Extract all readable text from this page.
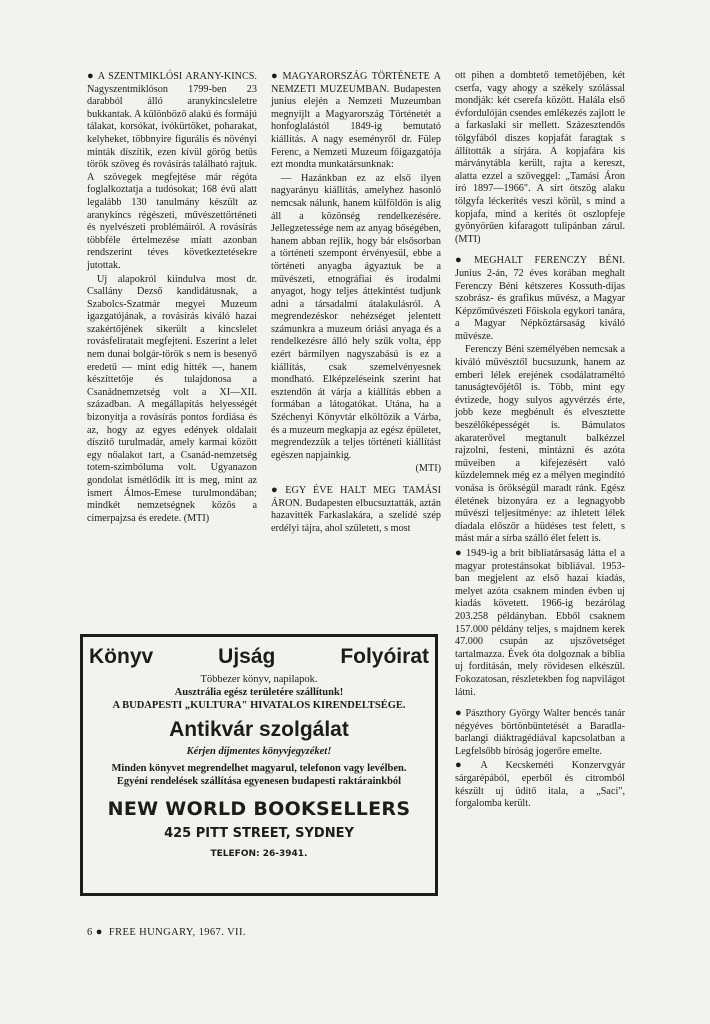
● A SZENTMIKLÓSI ARANY-KINCS. Nagyszentmiklóson 1799-ben 23 darabból álló aranykincsleletre bukkantak. A különböző alakú és formájú tálakat, korsókat, ivókürtöket, poharakat, kelyheket, többnyire figurális és növényi minták díszítik, ezen kívül görög betűs török szöveg és rovásírás található rajtuk. A szövegek megfejtése már régóta foglalkoztatja a tudósokat; 168 évű alatt legalább 130 tanulmány készült az aranykincs régészeti, művészettörténeti és nyelvészeti problémáiról. A rovásírás többféle értelmezése miatt azonban rendszerint téves következtetésekre jutottak.

Uj alapokról kiindulva most dr. Csallány Dezső kandidátusnak, a Szabolcs-Szatmár megyei Muzeum igazgatójának, a rovásírás kiváló hazai szakértőjének sikerült a kincslelet rovásfeliratait megfejteni. Eszerint a lelet nem dunai bolgár-török s nem is besenyő eredetű — mint edig hitték —, hanem készíttetője és tulajdonosa a Csanádnemzetség volt a XI—XII. században. A megállapítás helyességét bizonyítja a rovásírás pontos fordiása és az, hogy az egyes edények oldalait díszítő turulmadár, amely karmai között egy nőalakot tart, a Csanád-nemzetség totem-szimbóluma volt. Ugyanazon gondolat ismétlődik itt is meg, mint az ismert Álmos-Emese turulmondában; mindkét nemzetségnek közös a cimerpajzsa és eredete. (MTI)

● MAGYARORSZÁG TÖRTÉNETE A NEMZETI MUZEUMBAN. Budapesten junius elején a Nemzeti Muzeumban megnyijlt a Magyarország Történetét a honfoglalástól 1849-ig bemutató kiállítás. A nagy eseményről dr. Fülep Ferenc, a Nemzeti Muzeum főigazgatója ezt mondta munkatársunknak:

— Hazánkban ez az első ilyen nagyarányu kiállítás, amelyhez hasonló nemcsak nálunk, hanem külföldön is alig áll a közönség rendelkezésére. Jellegzetessége nem az anyag bőségében, hanem abban rejlik, hogy bár elsősorban a történeti szempont érvényesül, ebbe a történeti anyagba ágyaztuk be a művészeti, etnográfiai és irodalmi anyagot, hogy teljes áttekintést tudjunk adni a társadalmi átalakulásról. A megrendezéskor nehézséget jelentett számunkra a muzeum óriási anyaga és a rendelkezésre álló hely szűk volta, épp ezért bármilyen nagyszabású is ez a kiállítás, csak szemelvényesnek mondható. Elképzeléseink szerint hat esztendőn át várja a kiállítás ebben a formában a látogatókat. Utána, ha a Széchenyi Könyvtár elköltözik a Várba, és a muzeum megkapja az egész épületet, megrendezzük a teljes történeti kiállítást egészen napjainkig.

(MTI)

● EGY ÉVE HALT MEG TAMÁSI ÁRON. Budapesten elbucsuztatták, aztán hazavitték Farkaslakára, a szelídé szép erdélyi tájra, ahol született, s most

ott pihen a dombtető temetőjében, két cserfa, vagy ahogy a székely szólással mondják: két cserefa között. Halála első évfordulóján csendes emlékezés zajlott le a farkaslaki sir mellett. Százesztendős tölgyfából diszes kopjafát faragtak s állították a sírjára. A kopjafára kis márványtábla került, rajta a kereszt, alatta ezzel a szöveggel: „Tamási Áron író 1897—1966". A sírt ötszög alaku tölgyfa léckerítés veszi körül, s mind a kopjafa, mind a kerítés öt oszlopfeje gyönyörűen kifaragott tulipánban zárul. (MTI)

● MEGHALT FERENCZY BÉNI. Junius 2-án, 72 éves korában meghalt Ferenczy Béni kétszeres Kossuth-díjas szobrász- és grafikus művész, a Magyar Képzőművészeti Főiskola egykori tanára, a Magyar Népköztársaság kiváló művésze.

Ferenczy Béni személyében nemcsak a kiváló művésztől bucsuzunk, hanem az emberi lélek erejének csodálatraméltó tanuságtevőjétől is. Több, mint egy évtizede, hogy sulyos agyvérzés érte, jobb keze megbénult és elvesztette beszélőképességét is. Bámulatos akaraterővel megtanult balkézzel rajzolni, festeni, mintázni és azóta műveiben a kifejezésért való küzdelemnek még ez a mélyen megindító vonása is örökségül maradt ránk. Egész életének bizonyára ez a legnagyobb művészi teljesítménye: az ihletett lélek diadala először a hüdéses test felett, s mást már a sírba szálló élet felett is.

● 1949-ig a brit bibliatársaság látta el a magyar protestánsokat bibliával. 1953-ban megjelent az első hazai kiadás, melyet azóta csaknem minden évben uj kiadás követett. 1966-ig bezárólag 203.258 példányban. Ebből csaknem 157.000 példány teljes, s majdnem kerek 47.000 csupán az ujszövetséget tartalmazza. Évek óta dolgoznak a biblia uj fordításán, mely rövidesen elkészül. Fokozatosan, részletekben fog napvilágot látni.

● Pászthory György Walter bencés tanár négyéves börtönbüntetését a Baradla-barlangi diáktragédiával kapcsolatban a Legfelsőbb bíróság jogerőre emelte.

● A Kecskeméti Konzervgyár sárgarépából, eperből és citromból készült uj üdítő itala, a „Saci", forgalomba került.

Könyv	Ujság	Folyóirat
Többezer könyv, napilapok.
Ausztrália egész területére szállítunk!
A BUDAPESTI „KULTURA" HIVATALOS KIRENDELTSÉGE.
Antikvár szolgálat
Kérjen díjmentes könyvjegyzéket!
Minden könyvet megrendelhet magyarul, telefonon vagy levélben.
Egyéni rendelések szállítása egyenesen budapesti raktárainkból
NEW WORLD BOOKSELLERS
425 PITT STREET, SYDNEY
TELEFON: 26-3941.
6 ● FREE HUNGARY, 1967. VII.
